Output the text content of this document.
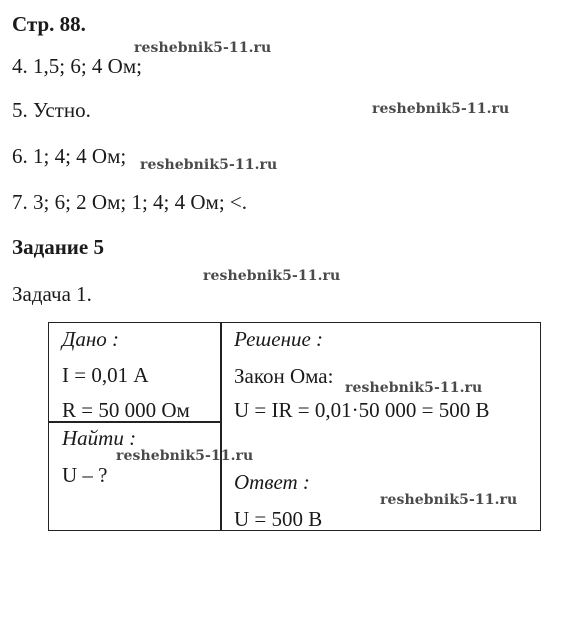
Стр. 88.
4. 1,5; 6; 4 Ом;
5. Устно.
6. 1; 4; 4 Ом;
7. 3; 6; 2 Ом; 1; 4; 4 Ом; <.
Задание 5
Задача 1.
Дано :
I = 0,01 А
R = 50 000 Ом
Найти :
U – ?
Решение :
Закон Ома:
U = IR = 0,01·50 000 = 500 В
Ответ :
U = 500 В
reshebnik5-11.ru
reshebnik5-11.ru
reshebnik5-11.ru
reshebnik5-11.ru
reshebnik5-11.ru
reshebnik5-11.ru
reshebnik5-11.ru
